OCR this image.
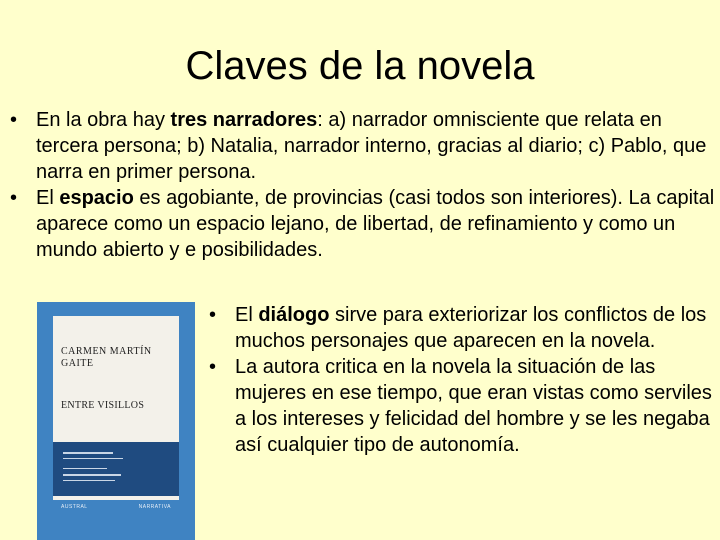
Claves de la novela
• En la obra hay tres narradores: a) narrador omnisciente que relata en tercera persona; b) Natalia, narrador interno, gracias al diario; c) Pablo, que narra en primer persona.
• El espacio es agobiante, de provincias (casi todos son interiores). La capital aparece como un espacio lejano, de libertad, de refinamiento y como un mundo abierto y e posibilidades.
CARMEN MARTÍN GAITE
ENTRE VISILLOS
AUSTRAL	NARRATIVA
• El diálogo sirve para exteriorizar los conflictos de los muchos personajes que aparecen en la novela.
• La autora critica en la novela la situación de las mujeres en ese tiempo, que eran vistas como serviles a los intereses y felicidad del hombre y se les negaba así cualquier tipo de autonomía.
